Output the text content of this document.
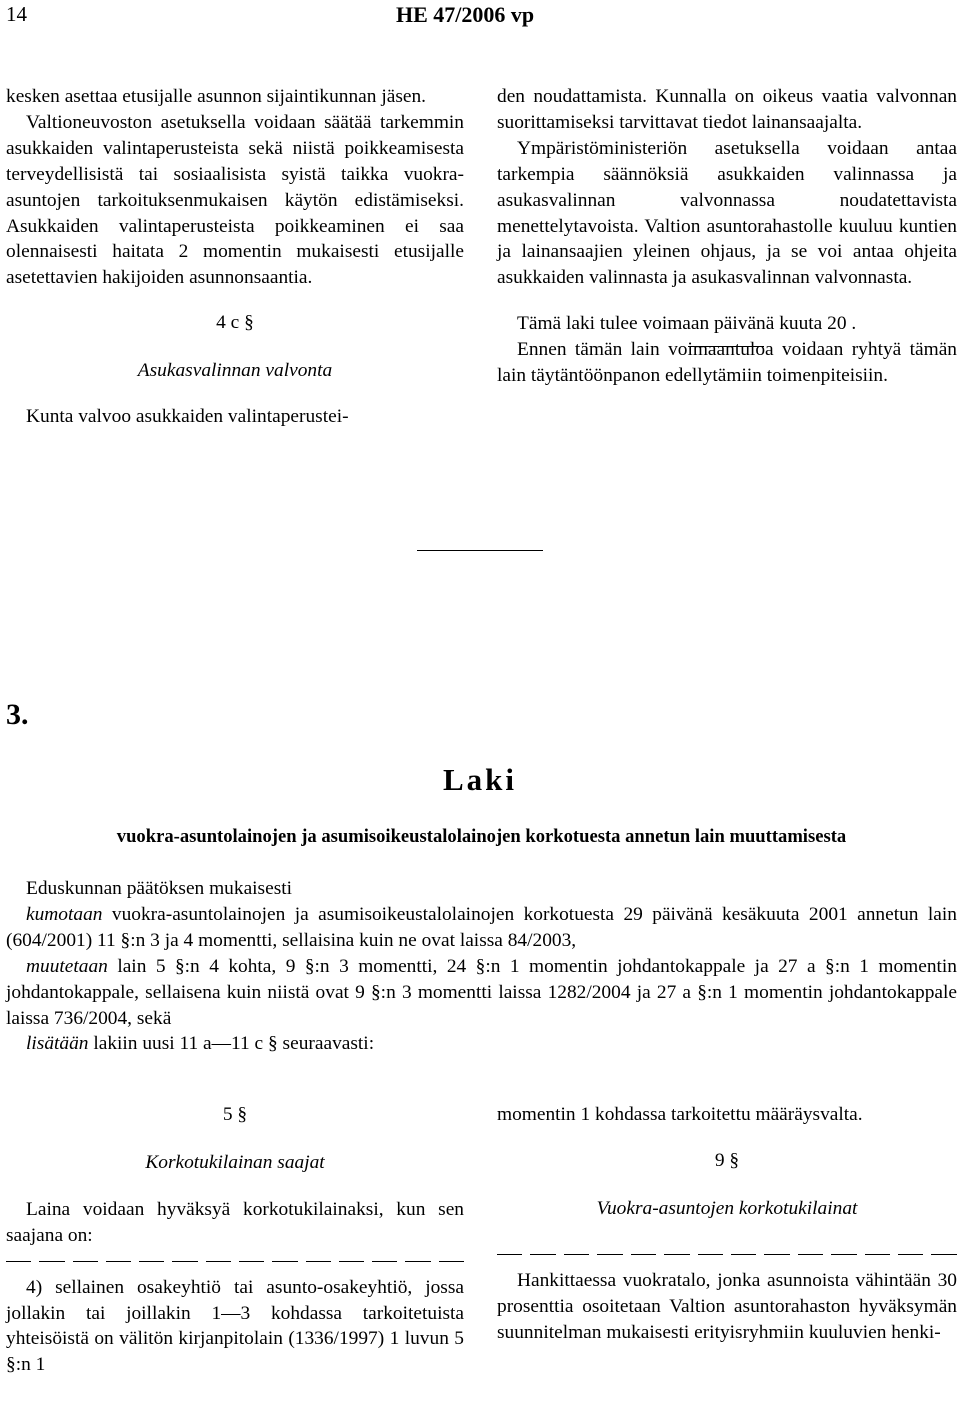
14	HE 47/2006 vp

kesken asettaa etusijalle asunnon sijaintikunnan jäsen.

Valtioneuvoston asetuksella voidaan säätää tarkemmin asukkaiden valintaperusteista sekä niistä poikkeamisesta terveydellisistä tai sosiaalisista syistä taikka vuokra-asuntojen tarkoituksenmukaisen käytön edistämiseksi. Asukkaiden valintaperusteista poikkeaminen ei saa olennaisesti haitata 2 momentin mukaisesti etusijalle asetettavien hakijoiden asunnonsaantia.

4 c §

Asukasvalinnan valvonta

Kunta valvoo asukkaiden valintaperustei-

den noudattamista. Kunnalla on oikeus vaatia valvonnan suorittamiseksi tarvittavat tiedot lainansaajalta.

Ympäristöministeriön asetuksella voidaan antaa tarkempia säännöksiä asukkaiden valinnassa ja asukasvalinnan valvonnassa noudatettavista menettelytavoista. Valtion asuntorahastolle kuuluu kuntien ja lainansaajien yleinen ohjaus, ja se voi antaa ohjeita asukkaiden valinnasta ja asukasvalinnan valvonnasta.

Tämä laki tulee voimaan päivänä kuuta 20 .

Ennen tämän lain voimaantuloa voidaan ryhtyä tämän lain täytäntöönpanon edellytämiin toimenpiteisiin.

3.
Laki
vuokra-asuntolainojen ja asumisoikeustalolainojen korkotuesta annetun lain muuttamisesta

Eduskunnan päätöksen mukaisesti

kumotaan vuokra-asuntolainojen ja asumisoikeustalolainojen korkotuesta 29 päivänä kesäkuuta 2001 annetun lain (604/2001) 11 §:n 3 ja 4 momentti, sellaisina kuin ne ovat laissa 84/2003,

muutetaan lain 5 §:n 4 kohta, 9 §:n 3 momentti, 24 §:n 1 momentin johdantokappale ja 27 a §:n 1 momentin johdantokappale, sellaisena kuin niistä ovat 9 §:n 3 momentti laissa 1282/2004 ja 27 a §:n 1 momentin johdantokappale laissa 736/2004, sekä

lisätään lakiin uusi 11 a—11 c § seuraavasti:

5 §

Korkotukilainan saajat

Laina voidaan hyväksyä korkotukilainaksi, kun sen saajana on:

4) sellainen osakeyhtiö tai asunto-osakeyhtiö, jossa jollakin tai joillakin 1—3 kohdassa tarkoitetuista yhteisöistä on välitön kirjanpitolain (1336/1997) 1 luvun 5 §:n 1

momentin 1 kohdassa tarkoitettu määräysvalta.

9 §

Vuokra-asuntojen korkotukilainat

Hankittaessa vuokratalo, jonka asunnoista vähintään 30 prosenttia osoitetaan Valtion asuntorahaston hyväksymän suunnitelman mukaisesti erityisryhmiin kuuluvien henki-
